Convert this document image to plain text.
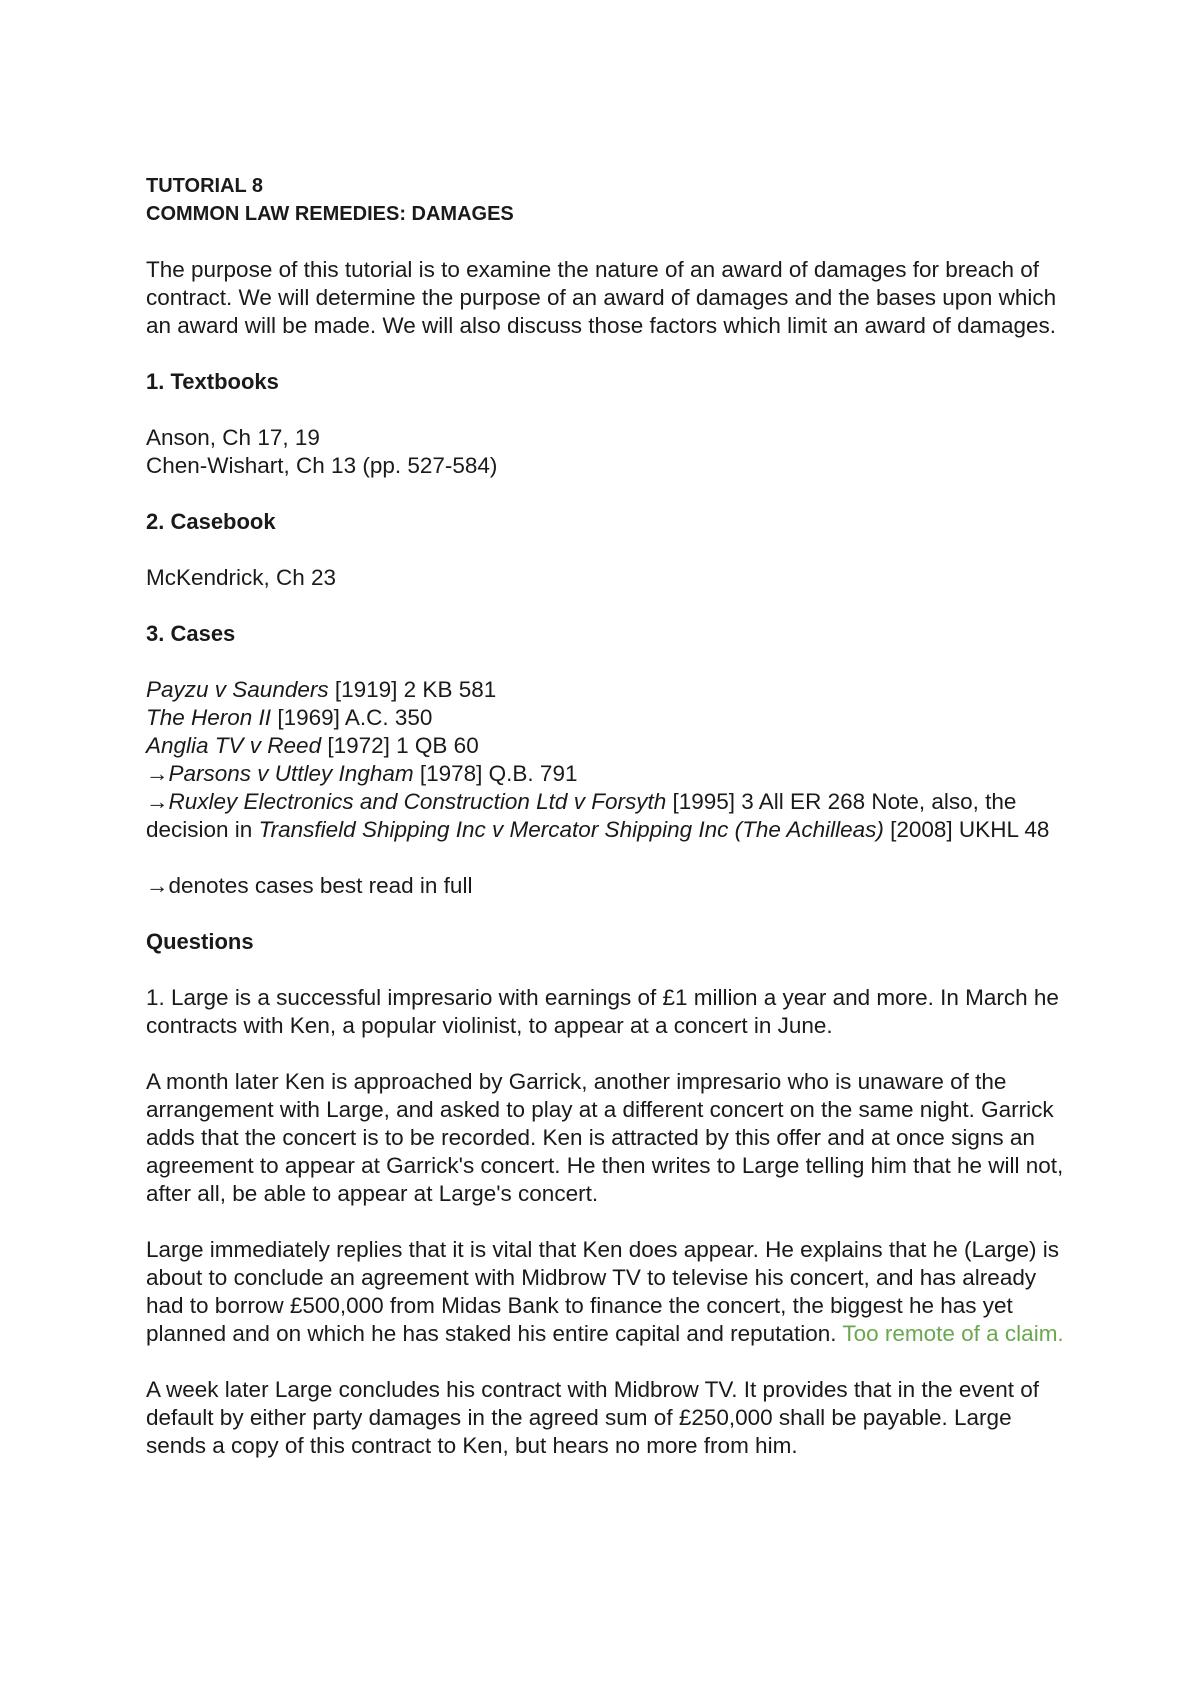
TUTORIAL 8
COMMON LAW REMEDIES: DAMAGES

The purpose of this tutorial is to examine the nature of an award of damages for breach of contract. We will determine the purpose of an award of damages and the bases upon which an award will be made. We will also discuss those factors which limit an award of damages.

1. Textbooks

Anson, Ch 17, 19
Chen-Wishart, Ch 13 (pp. 527-584)

2. Casebook

McKendrick, Ch 23

3. Cases

Payzu v Saunders [1919] 2 KB 581
The Heron II [1969] A.C. 350
Anglia TV v Reed [1972] 1 QB 60
→Parsons v Uttley Ingham [1978] Q.B. 791
→Ruxley Electronics and Construction Ltd v Forsyth [1995] 3 All ER 268 Note, also, the decision in Transfield Shipping Inc v Mercator Shipping Inc (The Achilleas) [2008] UKHL 48

→denotes cases best read in full

Questions

1. Large is a successful impresario with earnings of £1 million a year and more. In March he contracts with Ken, a popular violinist, to appear at a concert in June.

A month later Ken is approached by Garrick, another impresario who is unaware of the arrangement with Large, and asked to play at a different concert on the same night. Garrick adds that the concert is to be recorded. Ken is attracted by this offer and at once signs an agreement to appear at Garrick's concert. He then writes to Large telling him that he will not, after all, be able to appear at Large's concert.

Large immediately replies that it is vital that Ken does appear. He explains that he (Large) is about to conclude an agreement with Midbrow TV to televise his concert, and has already had to borrow £500,000 from Midas Bank to finance the concert, the biggest he has yet planned and on which he has staked his entire capital and reputation. Too remote of a claim.

A week later Large concludes his contract with Midbrow TV. It provides that in the event of default by either party damages in the agreed sum of £250,000 shall be payable. Large sends a copy of this contract to Ken, but hears no more from him.
